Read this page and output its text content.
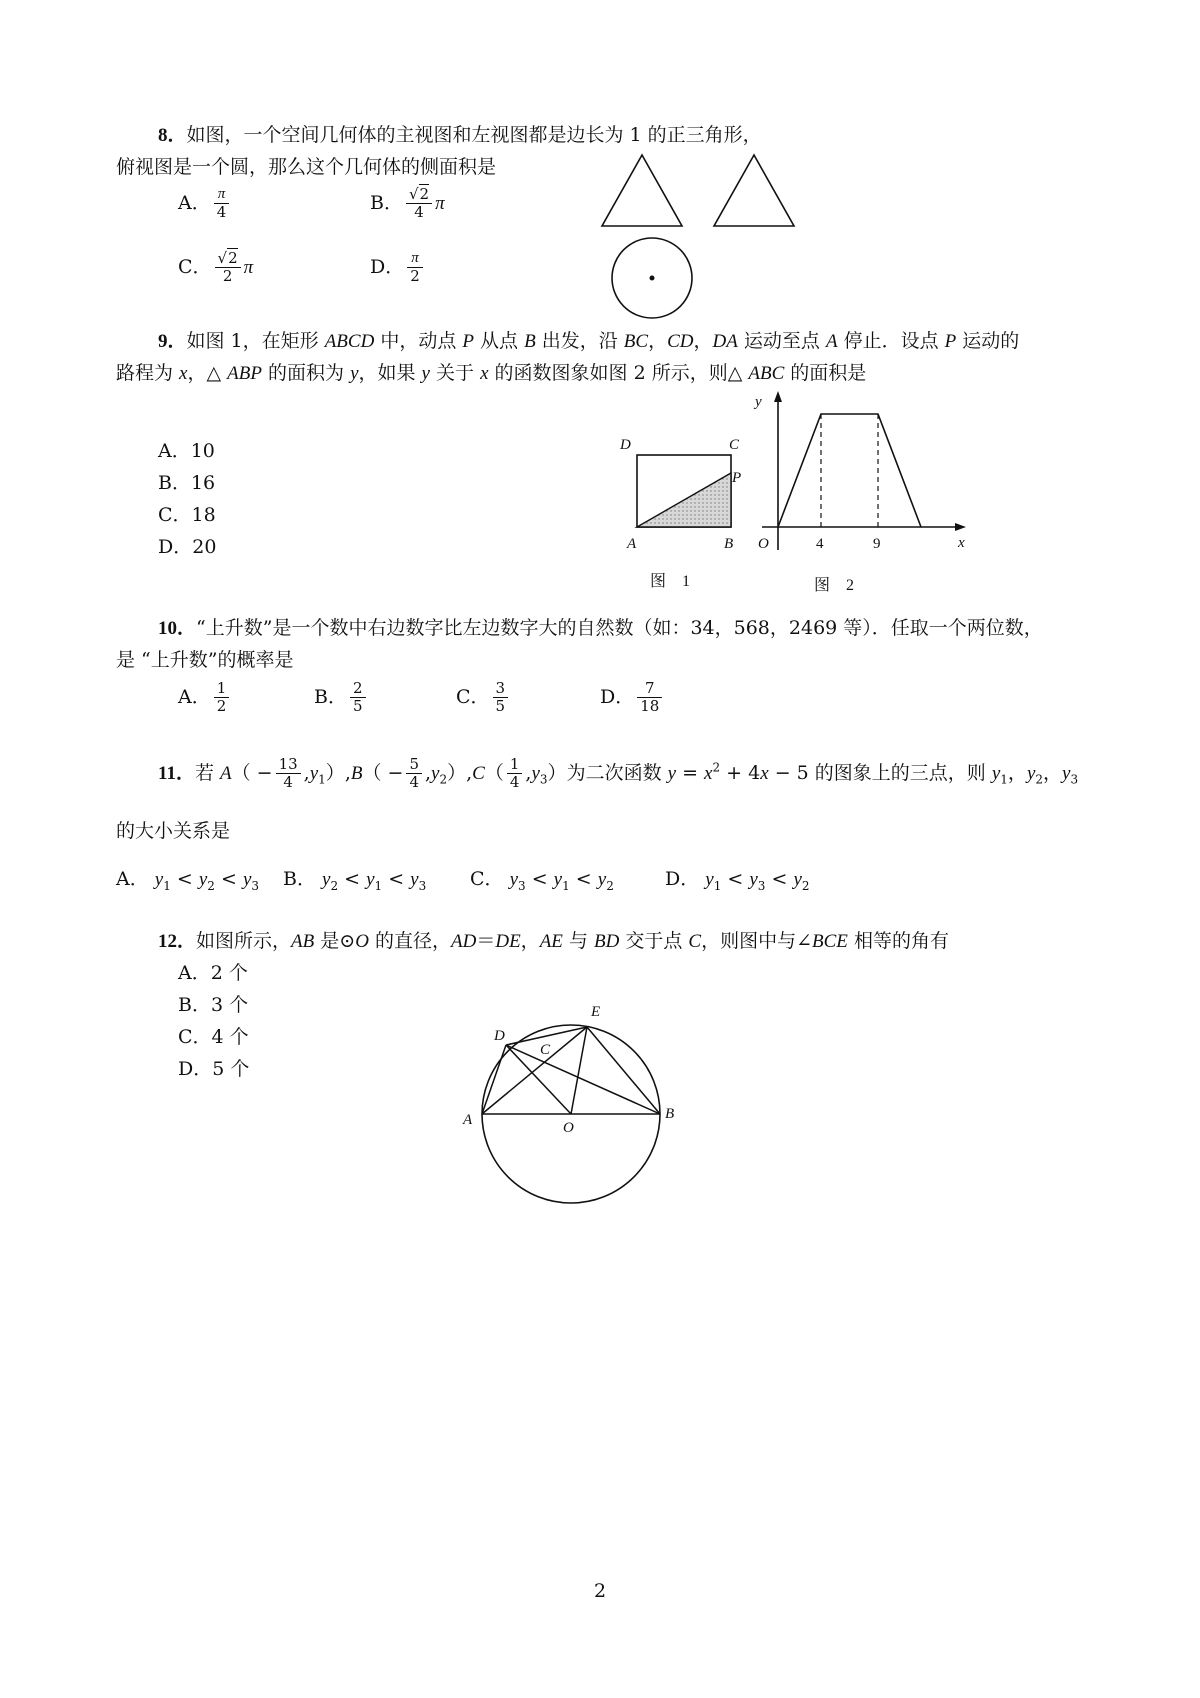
8．如图，一个空间几何体的主视图和左视图都是边长为 1 的正三角形，
俯视图是一个圆，那么这个几何体的侧面积是
A． $\frac{\pi}{4}$	B． $\frac{√2}{4}$ π
C． $\frac{√2}{2}$ π	D． $\frac{\pi}{2}$
9．如图 1，在矩形 ABCD 中，动点 P 从点 B 出发，沿 BC，CD，DA 运动至点 A 停止．设点 P 运动的
路程为 x，△ ABP 的面积为 y，如果 y 关于 x 的函数图象如图 2 所示，则△ ABC 的面积是
A．10
B．16
C．18
D．20
D	C
P
A	B
图　1
y
x
O	4	9
图　2
10．“上升数”是一个数中右边数字比左边数字大的自然数（如：34，568，2469 等）．任取一个两位数，
是 “上升数”的概率是
A． $\frac{1}{2}$	B． $\frac{2}{5}$	C． $\frac{3}{5}$	D． $\frac{7}{18}$
11．若 $A( - \frac{13}{4} ,y_1),B( - \frac{5}{4} ,y_2),C( \frac{1}{4} ,y_3)$为二次函数 $y = x^2 + 4x - 5$ 的图象上的三点，则 $y_1$，$y_2$，$y_3$
的大小关系是
A． $y_1 < y_2 < y_3$ B． $y_2 < y_1 < y_3$ C． $y_3 < y_1 < y_2$	D． $y_1 < y_3 < y_2$
12．如图所示，AB 是⊙O 的直径，AD＝DE，AE 与 BD 交于点 C，则图中与∠BCE 相等的角有
A．2 个
B．3 个
C．4 个
D．5 个
A	B
D
E
C
O
2
